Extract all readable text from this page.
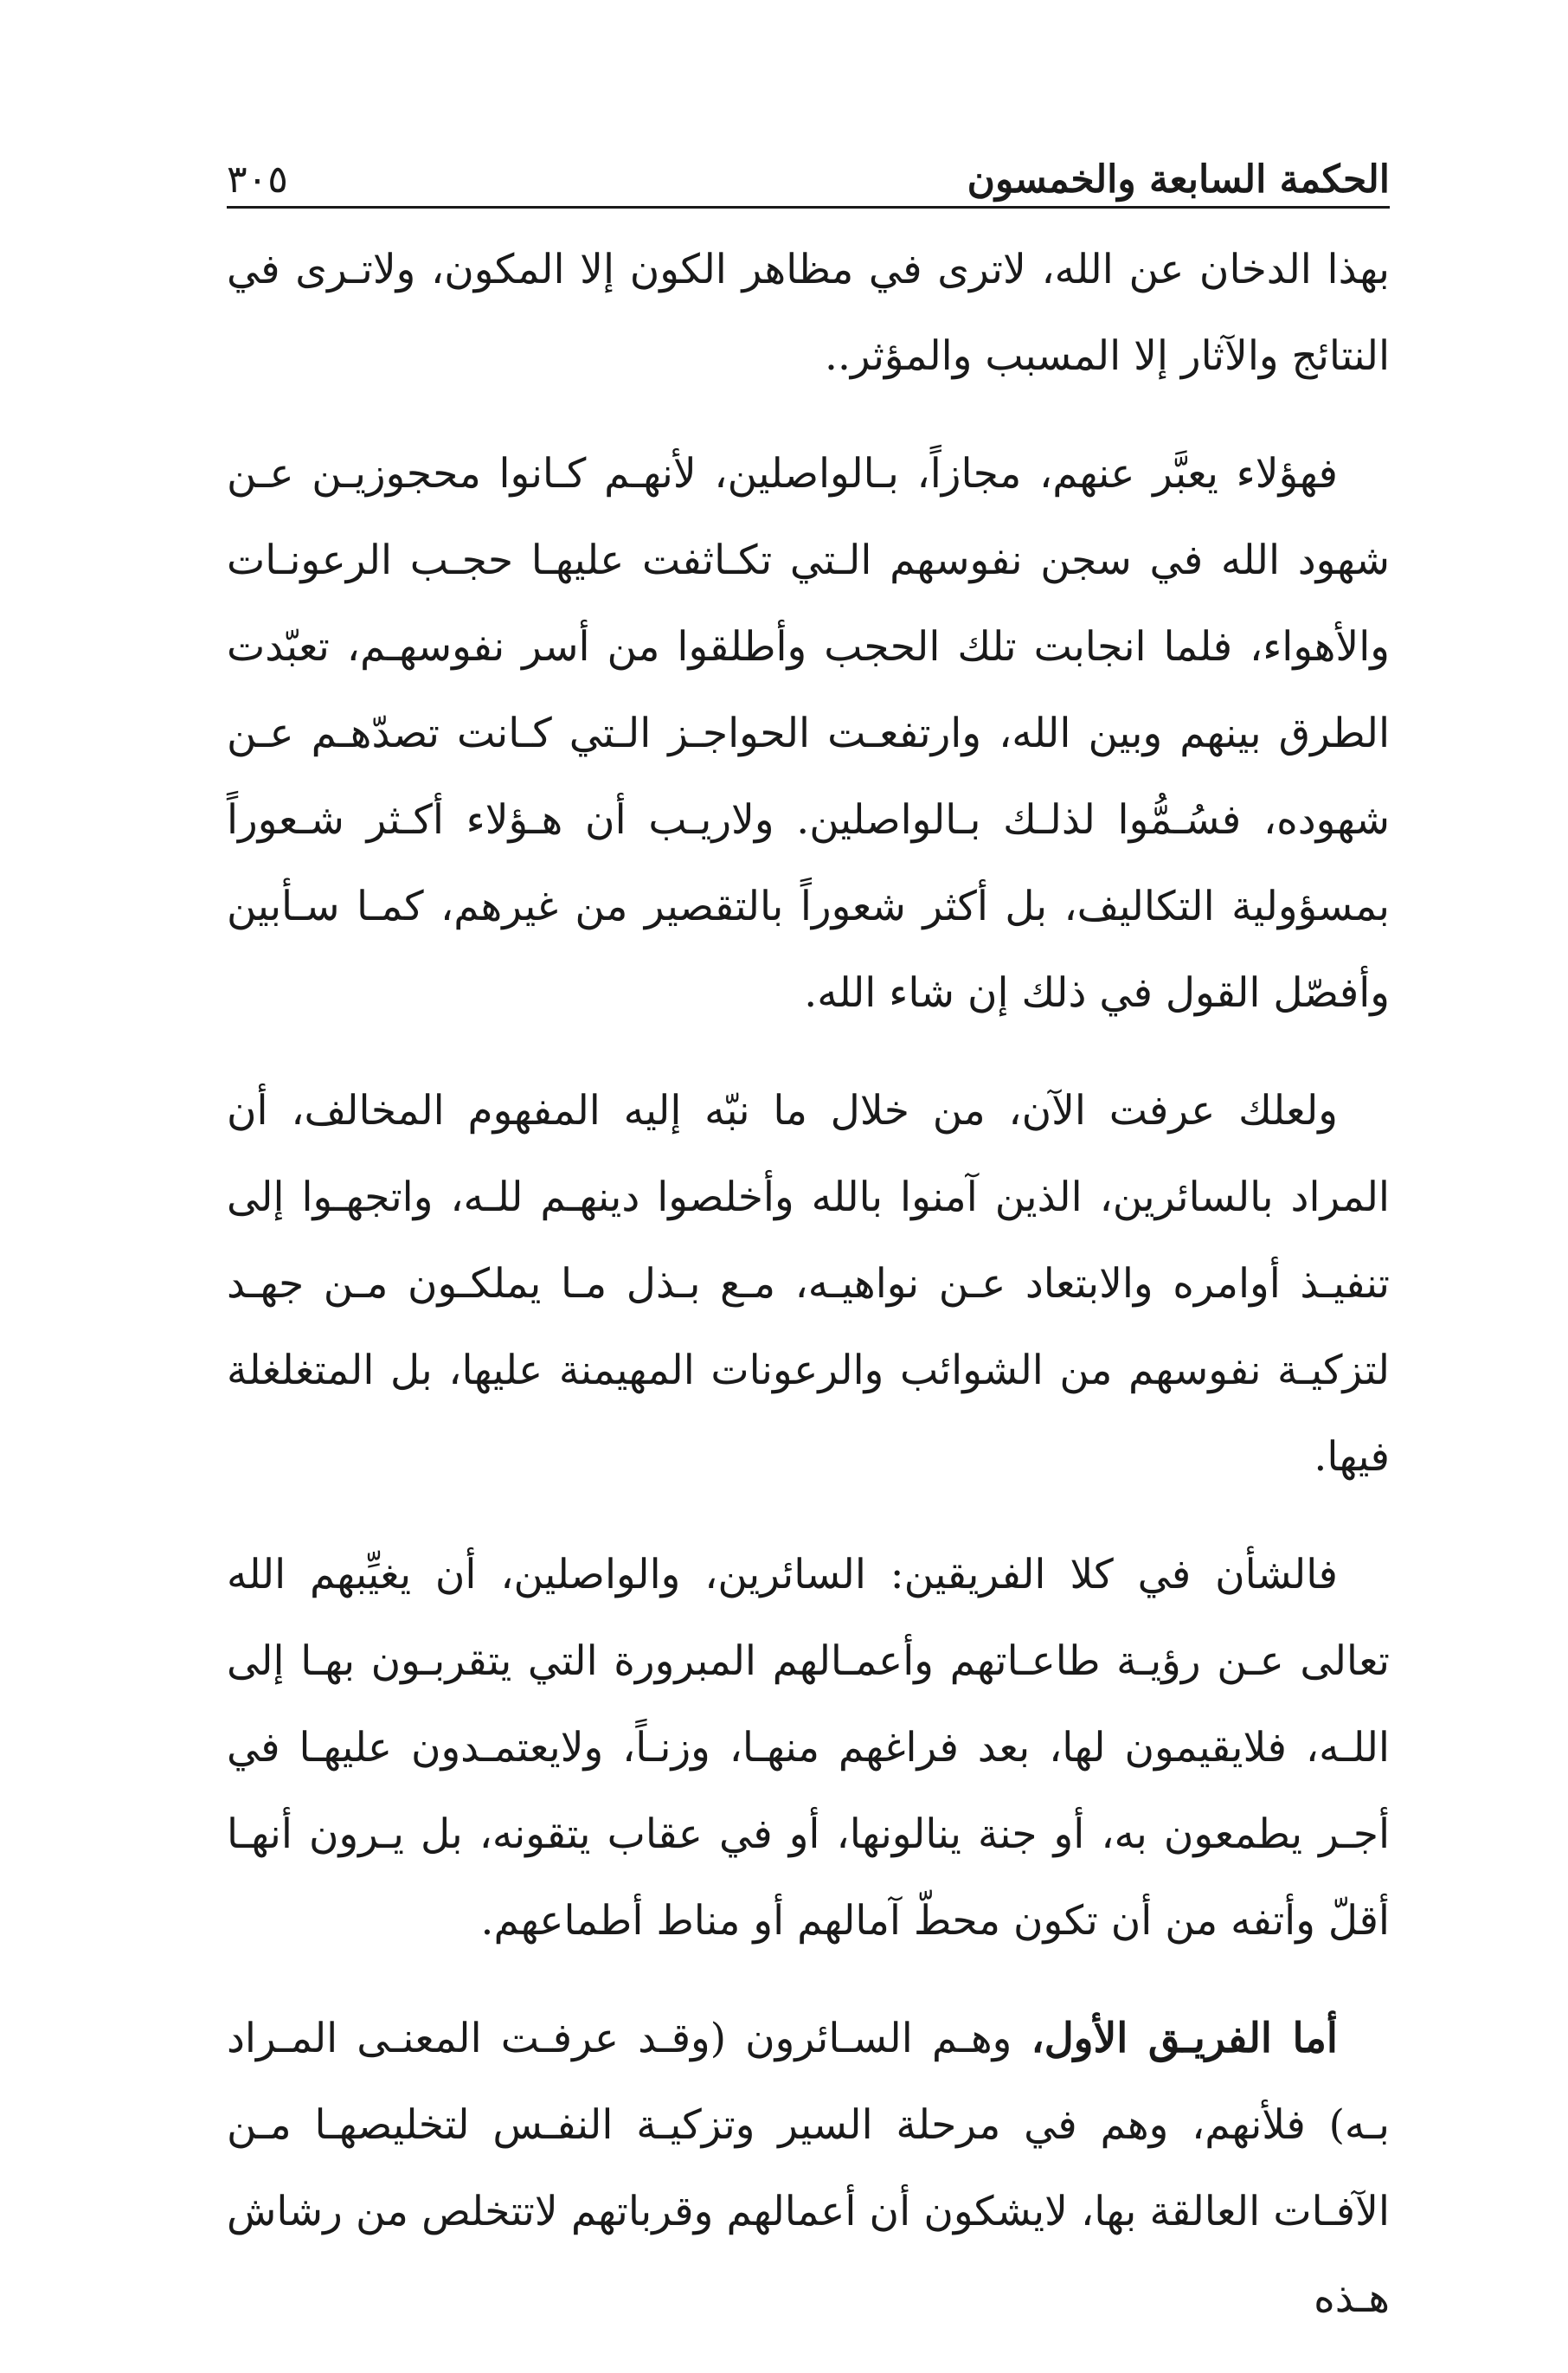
الحكمة السابعة والخمسون
٣٠٥

بهذا الدخان عن الله، لاترى في مظاهر الكون إلا المكون، ولاتـرى في النتائج والآثار إلا المسبب والمؤثر..

فهؤلاء يعبَّر عنهم، مجازاً، بـالواصلين، لأنهـم كـانوا محجوزيـن عـن شهود الله في سجن نفوسهم الـتي تكـاثفت عليهـا حجـب الرعونـات والأهواء، فلما انجابت تلك الحجب وأطلقوا من أسر نفوسهـم، تعبّدت الطرق بينهم وبين الله، وارتفعـت الحواجـز الـتي كـانت تصدّهـم عـن شهوده، فسُـمُّوا لذلـك بـالواصلين. ولاريـب أن هـؤلاء أكـثر شـعوراً بمسؤولية التكاليف، بل أكثر شعوراً بالتقصير من غيرهم، كمـا سـأبين وأفصّل القول في ذلك إن شاء الله.

ولعلك عرفت الآن، من خلال ما نبّه إليه المفهوم المخالف، أن المراد بالسائرين، الذين آمنوا بالله وأخلصوا دينهـم للـه، واتجهـوا إلى تنفيـذ أوامره والابتعاد عـن نواهيـه، مـع بـذل مـا يملكـون مـن جهـد لتزكيـة نفوسهم من الشوائب والرعونات المهيمنة عليها، بل المتغلغلة فيها.

فالشأن في كلا الفريقين: السائرين، والواصلين، أن يغيِّبهم الله تعالى عـن رؤيـة طاعـاتهم وأعمـالهم المبرورة التي يتقربـون بهـا إلى اللـه، فلايقيمون لها، بعد فراغهم منهـا، وزنـاً، ولايعتمـدون عليهـا في أجـر يطمعون به، أو جنة ينالونها، أو في عقاب يتقونه، بل يـرون أنهـا أقلّ وأتفه من أن تكون محطّ آمالهم أو مناط أطماعهم.

أما الفريـق الأول، وهـم السـائرون (وقـد عرفـت المعنـى المـراد بـه) فلأنهم، وهم في مرحلة السير وتزكيـة النفـس لتخليصهـا مـن الآفـات العالقة بها، لايشكون أن أعمالهم وقرباتهم لاتتخلص من رشاش هـذه
